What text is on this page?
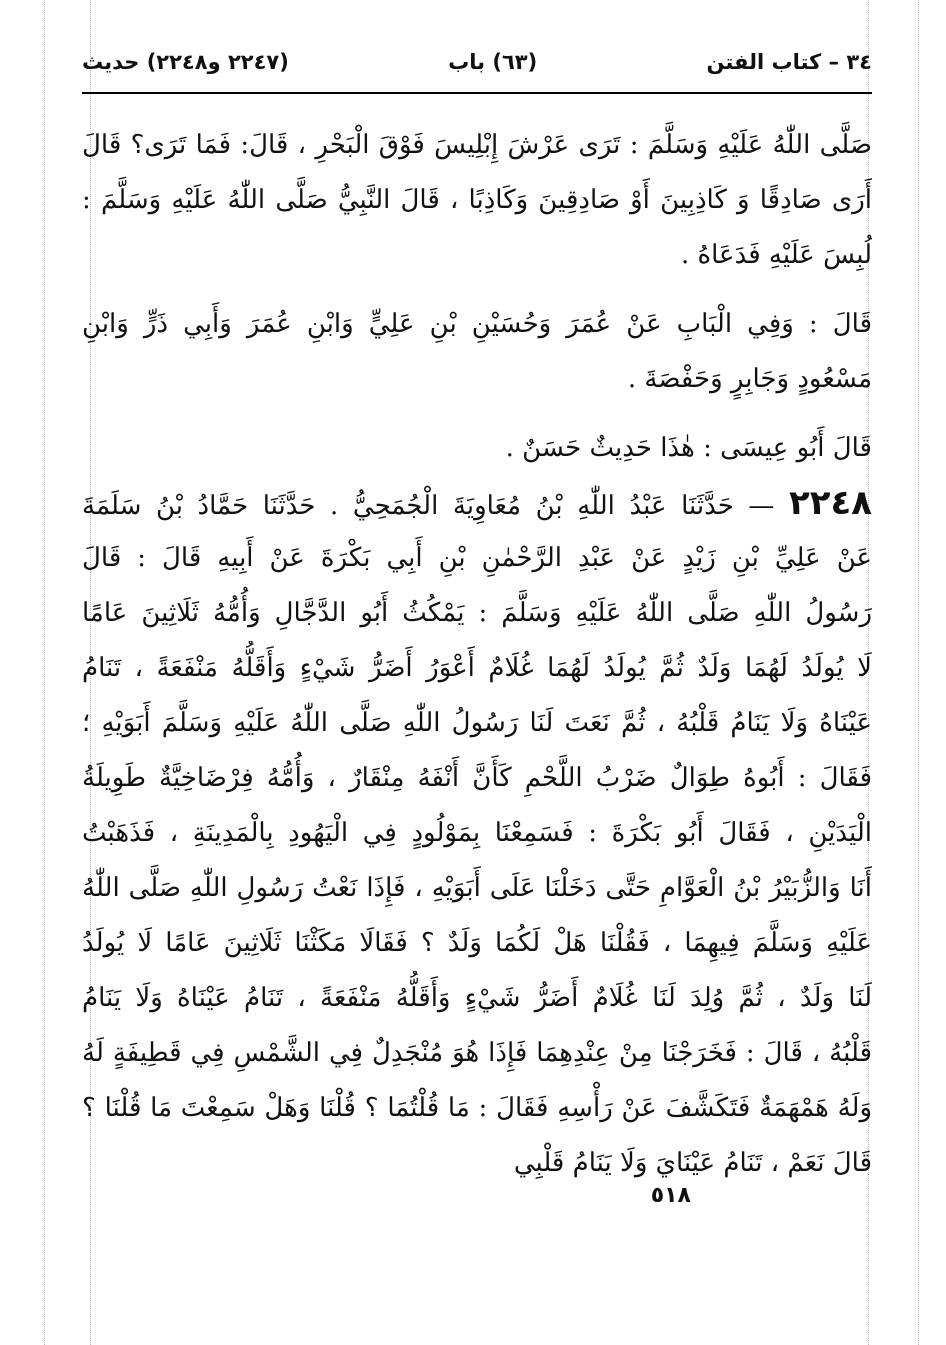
٣٤ – كتاب الفتن
(٦٣) باب
(٢٢٤٧ و٢٢٤٨) حديث
صَلَّى اللّٰهُ عَلَيْهِ وَسَلَّمَ : تَرَى عَرْشَ إِبْلِيسَ فَوْقَ الْبَحْرِ ، قَالَ: فَمَا تَرَى؟ قَالَ
أَرَى صَادِقًا وَ كَاذِبِينَ أَوْ صَادِقِينَ وَكَاذِبًا ، قَالَ النَّبِيُّ صَلَّى اللّٰهُ عَلَيْهِ وَسَلَّمَ :
لُبِسَ عَلَيْهِ فَدَعَاهُ .
قَالَ : وَفِي الْبَابِ عَنْ عُمَرَ وَحُسَيْنِ بْنِ عَلِيٍّ وَابْنِ عُمَرَ وَأَبِي ذَرٍّ وَابْنِ
مَسْعُودٍ وَجَابِرٍ وَحَفْصَةَ .
قَالَ أَبُو عِيسَى : هٰذَا حَدِيثٌ حَسَنٌ .
٢٢٤٨ — حَدَّثَنَا عَبْدُ اللّٰهِ بْنُ مُعَاوِيَةَ الْجُمَحِيُّ . حَدَّثَنَا حَمَّادُ بْنُ سَلَمَةَ
عَنْ عَلِيِّ بْنِ زَيْدٍ عَنْ عَبْدِ الرَّحْمٰنِ بْنِ أَبِي بَكْرَةَ عَنْ أَبِيهِ قَالَ : قَالَ
رَسُولُ اللّٰهِ صَلَّى اللّٰهُ عَلَيْهِ وَسَلَّمَ : يَمْكُثُ أَبُو الدَّجَّالِ وَأُمُّهُ ثَلَاثِينَ عَامًا
لَا يُولَدُ لَهُمَا وَلَدٌ ثُمَّ يُولَدُ لَهُمَا غُلَامٌ أَعْوَرُ أَضَرُّ شَيْءٍ وَأَقَلُّهُ مَنْفَعَةً ، تَنَامُ
عَيْنَاهُ وَلَا يَنَامُ قَلْبُهُ ، ثُمَّ نَعَتَ لَنَا رَسُولُ اللّٰهِ صَلَّى اللّٰهُ عَلَيْهِ وَسَلَّمَ أَبَوَيْهِ ؛
فَقَالَ : أَبُوهُ طِوَالٌ ضَرْبُ اللَّحْمِ كَأَنَّ أَنْفَهُ مِنْقَارٌ ، وَأُمُّهُ فِرْضَاخِيَّةٌ طَوِيلَةُ
الْيَدَيْنِ ، فَقَالَ أَبُو بَكْرَةَ : فَسَمِعْنَا بِمَوْلُودٍ فِي الْيَهُودِ بِالْمَدِينَةِ ، فَذَهَبْتُ
أَنَا وَالزُّبَيْرُ بْنُ الْعَوَّامِ حَتَّى دَخَلْنَا عَلَى أَبَوَيْهِ ، فَإِذَا نَعْتُ رَسُولِ اللّٰهِ صَلَّى اللّٰهُ
عَلَيْهِ وَسَلَّمَ فِيهِمَا ، فَقُلْنَا هَلْ لَكُمَا وَلَدٌ ؟ فَقَالَا مَكَثْنَا ثَلَاثِينَ عَامًا لَا يُولَدُ
لَنَا وَلَدٌ ، ثُمَّ وُلِدَ لَنَا غُلَامٌ أَضَرُّ شَيْءٍ وَأَقَلُّهُ مَنْفَعَةً ، تَنَامُ عَيْنَاهُ وَلَا يَنَامُ
قَلْبُهُ ، قَالَ : فَخَرَجْنَا مِنْ عِنْدِهِمَا فَإِذَا هُوَ مُنْجَدِلٌ فِي الشَّمْسِ فِي قَطِيفَةٍ لَهُ
وَلَهُ هَمْهَمَةٌ فَتَكَشَّفَ عَنْ رَأْسِهِ فَقَالَ : مَا قُلْتُمَا ؟ قُلْنَا وَهَلْ سَمِعْتَ مَا قُلْنَا ؟
قَالَ نَعَمْ ، تَنَامُ عَيْنَايَ وَلَا يَنَامُ قَلْبِي
٥١٨
